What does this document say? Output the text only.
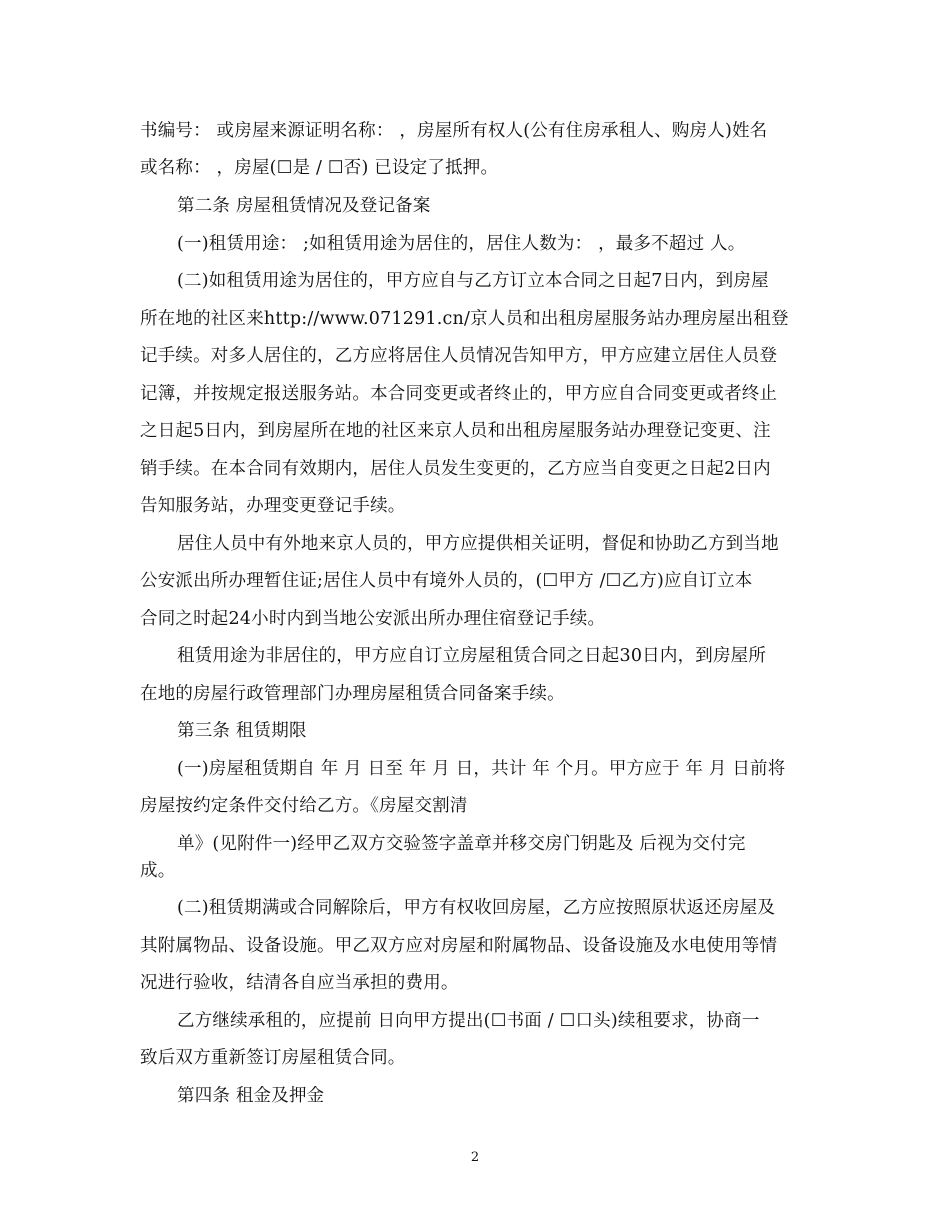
书编号： 或房屋来源证明名称： ，房屋所有权人(公有住房承租人、购房人)姓名
或名称： ，房屋(☐是 / ☐否) 已设定了抵押。
第二条 房屋租赁情况及登记备案
(一)租赁用途： ;如租赁用途为居住的，居住人数为： ，最多不超过 人。
(二)如租赁用途为居住的，甲方应自与乙方订立本合同之日起7日内，到房屋
所在地的社区来http://www.071291.cn/京人员和出租房屋服务站办理房屋出租登
记手续。对多人居住的，乙方应将居住人员情况告知甲方，甲方应建立居住人员登
记簿，并按规定报送服务站。本合同变更或者终止的，甲方应自合同变更或者终止
之日起5日内，到房屋所在地的社区来京人员和出租房屋服务站办理登记变更、注
销手续。在本合同有效期内，居住人员发生变更的，乙方应当自变更之日起2日内
告知服务站，办理变更登记手续。
居住人员中有外地来京人员的，甲方应提供相关证明，督促和协助乙方到当地
公安派出所办理暂住证;居住人员中有境外人员的，(☐甲方 /☐乙方)应自订立本
合同之时起24小时内到当地公安派出所办理住宿登记手续。
租赁用途为非居住的，甲方应自订立房屋租赁合同之日起30日内，到房屋所
在地的房屋行政管理部门办理房屋租赁合同备案手续。
第三条 租赁期限
(一)房屋租赁期自 年 月 日至 年 月 日，共计 年 个月。甲方应于 年 月 日前将
房屋按约定条件交付给乙方。《房屋交割清
单》(见附件一)经甲乙双方交验签字盖章并移交房门钥匙及 后视为交付完
成。
(二)租赁期满或合同解除后，甲方有权收回房屋，乙方应按照原状返还房屋及
其附属物品、设备设施。甲乙双方应对房屋和附属物品、设备设施及水电使用等情
况进行验收，结清各自应当承担的费用。
乙方继续承租的，应提前 日向甲方提出(☐书面 / ☐口头)续租要求，协商一
致后双方重新签订房屋租赁合同。
第四条 租金及押金
2
